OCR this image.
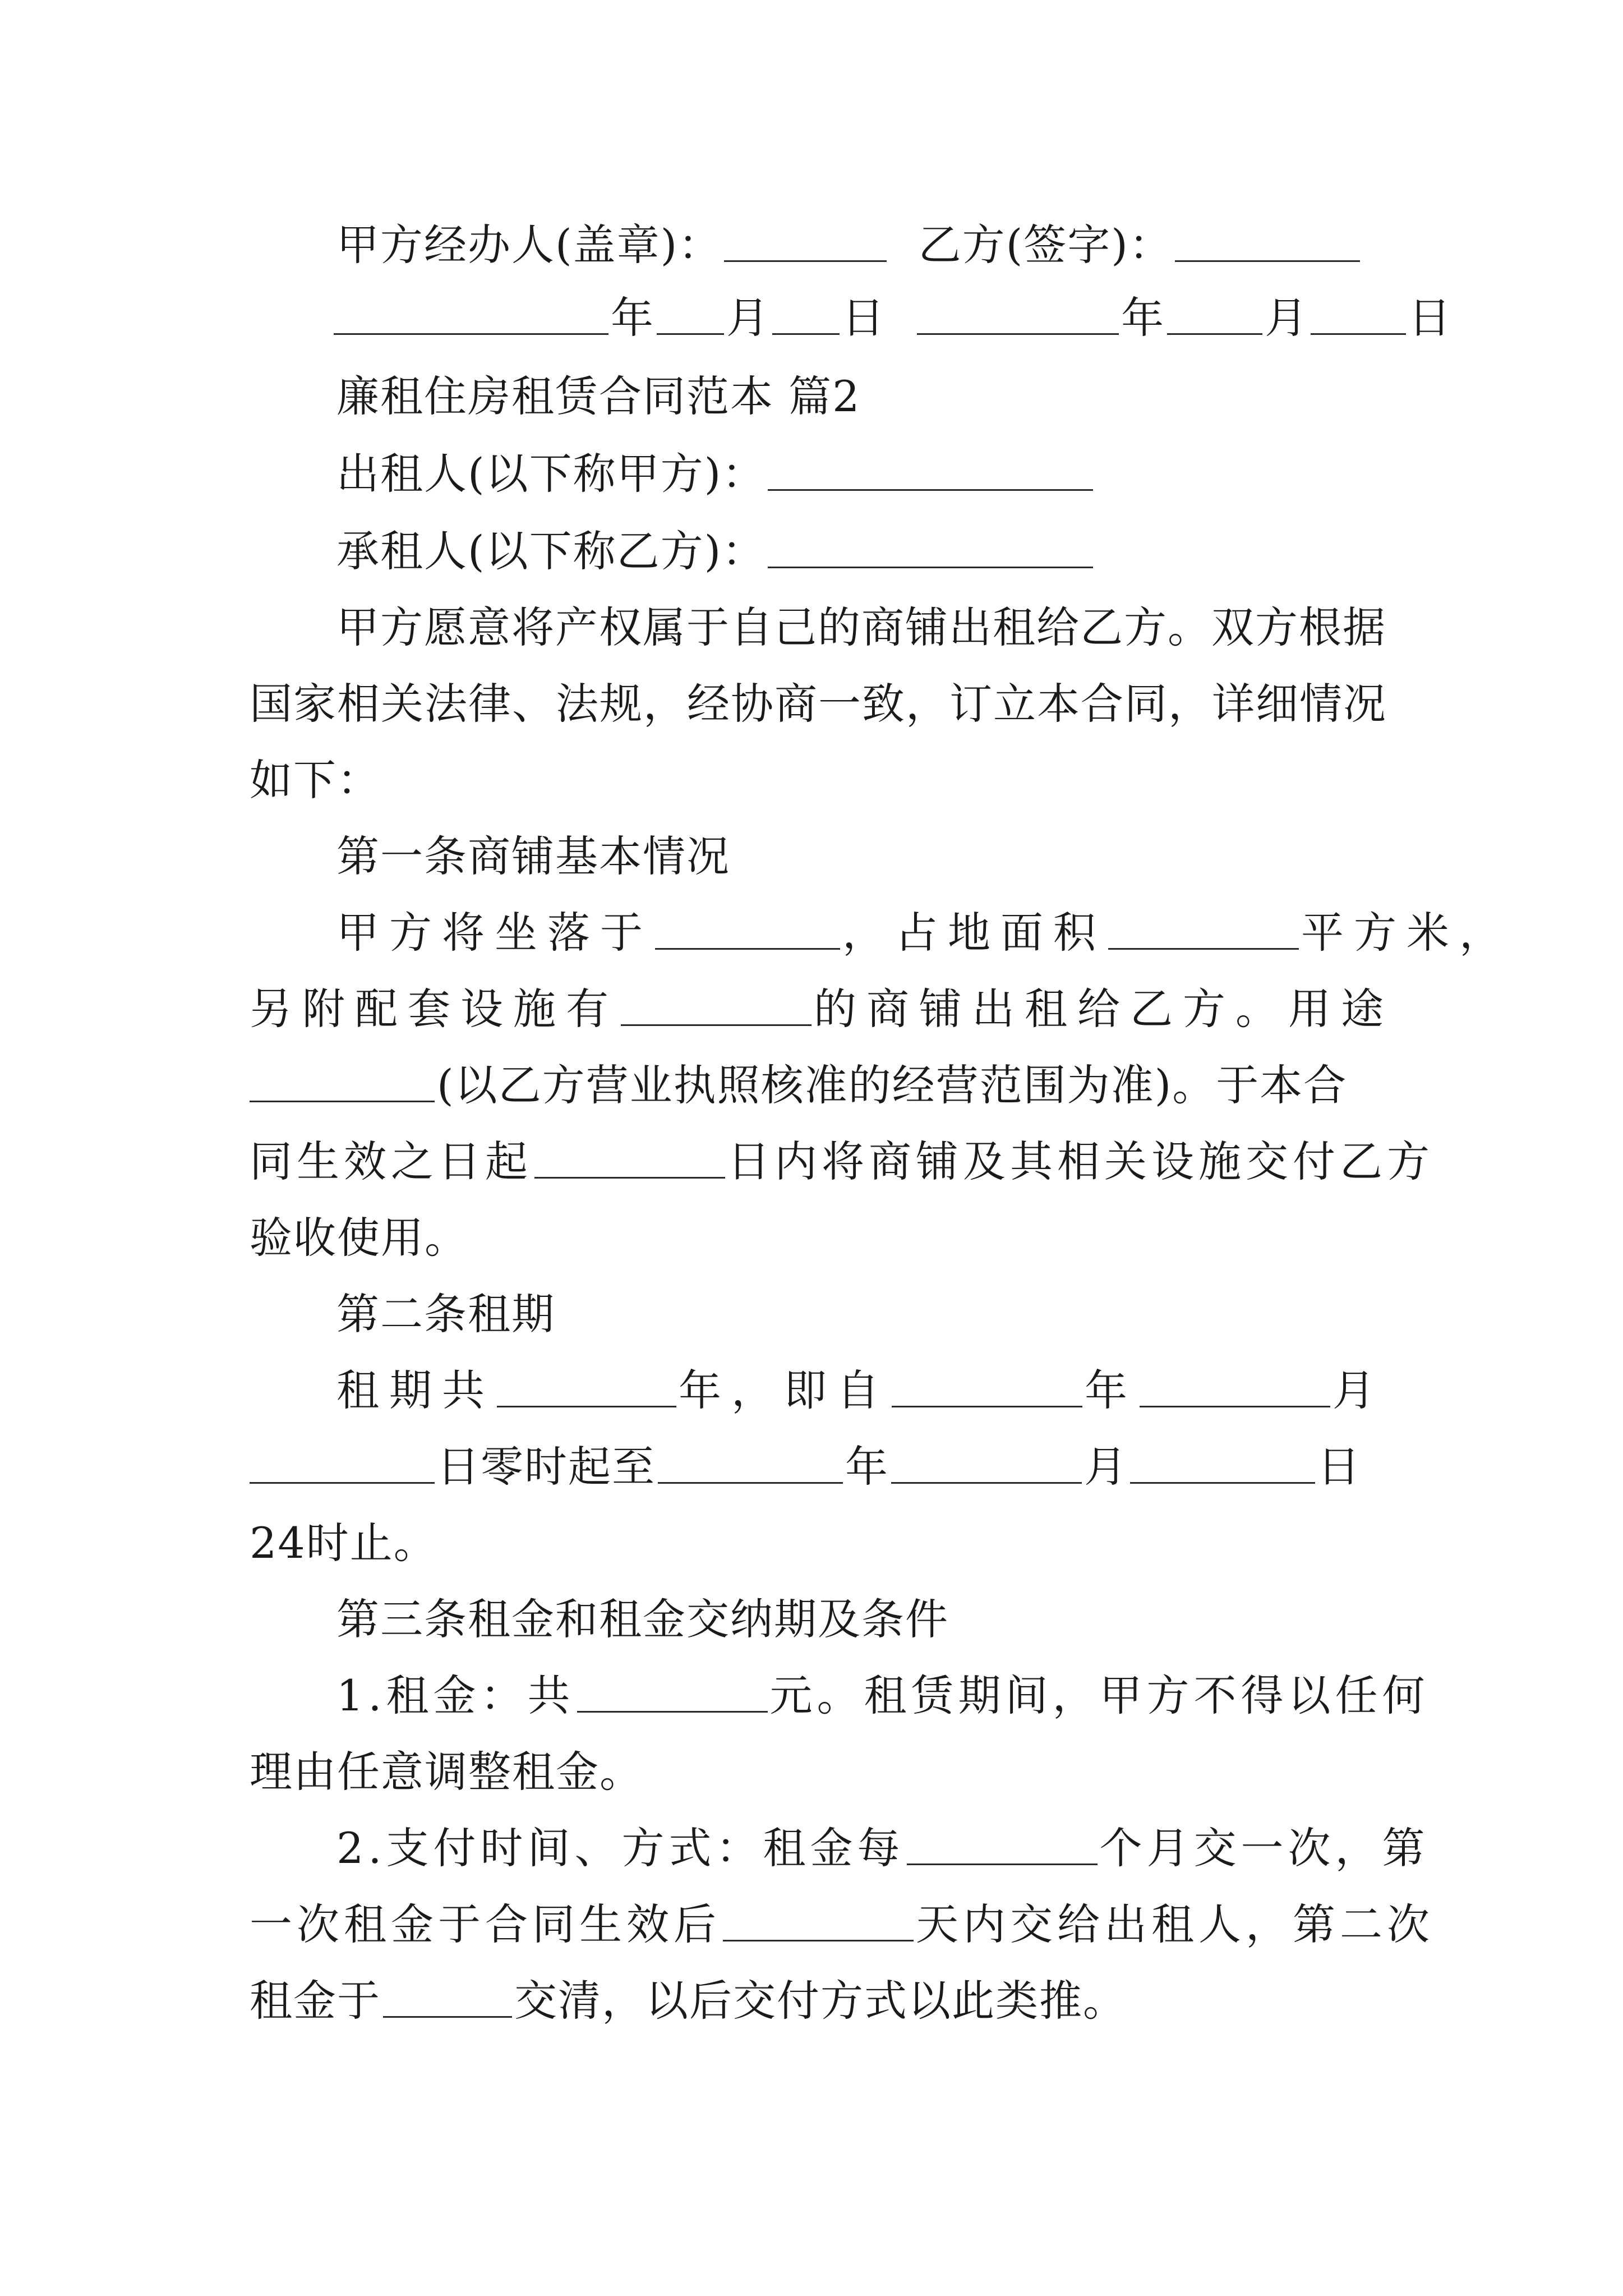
甲方经办人(盖章)：	乙方(签字)：
年 月 日	年 月 日
廉租住房租赁合同范本 篇2
出租人(以下称甲方)：
承租人(以下称乙方)：
甲方愿意将产权属于自己的商铺出租给乙方。双方根据
国家相关法律、法规，经协商一致，订立本合同，详细情况
如下：
第一条商铺基本情况
甲方将坐落于	，占地面积	平方米，
另附配套设施有	的商铺出租给乙方。用途
(以乙方营业执照核准的经营范围为准)。于本合
同生效之日起	日内将商铺及其相关设施交付乙方
验收使用。
第二条租期
租期共	年，即自	年	月
日零时起至	年	月	日
24时止。
第三条租金和租金交纳期及条件
1.租金：共	元。租赁期间，甲方不得以任何
理由任意调整租金。
2.支付时间、方式：租金每	个月交一次，第
一次租金于合同生效后	天内交给出租人，第二次
租金于	交清，以后交付方式以此类推。
